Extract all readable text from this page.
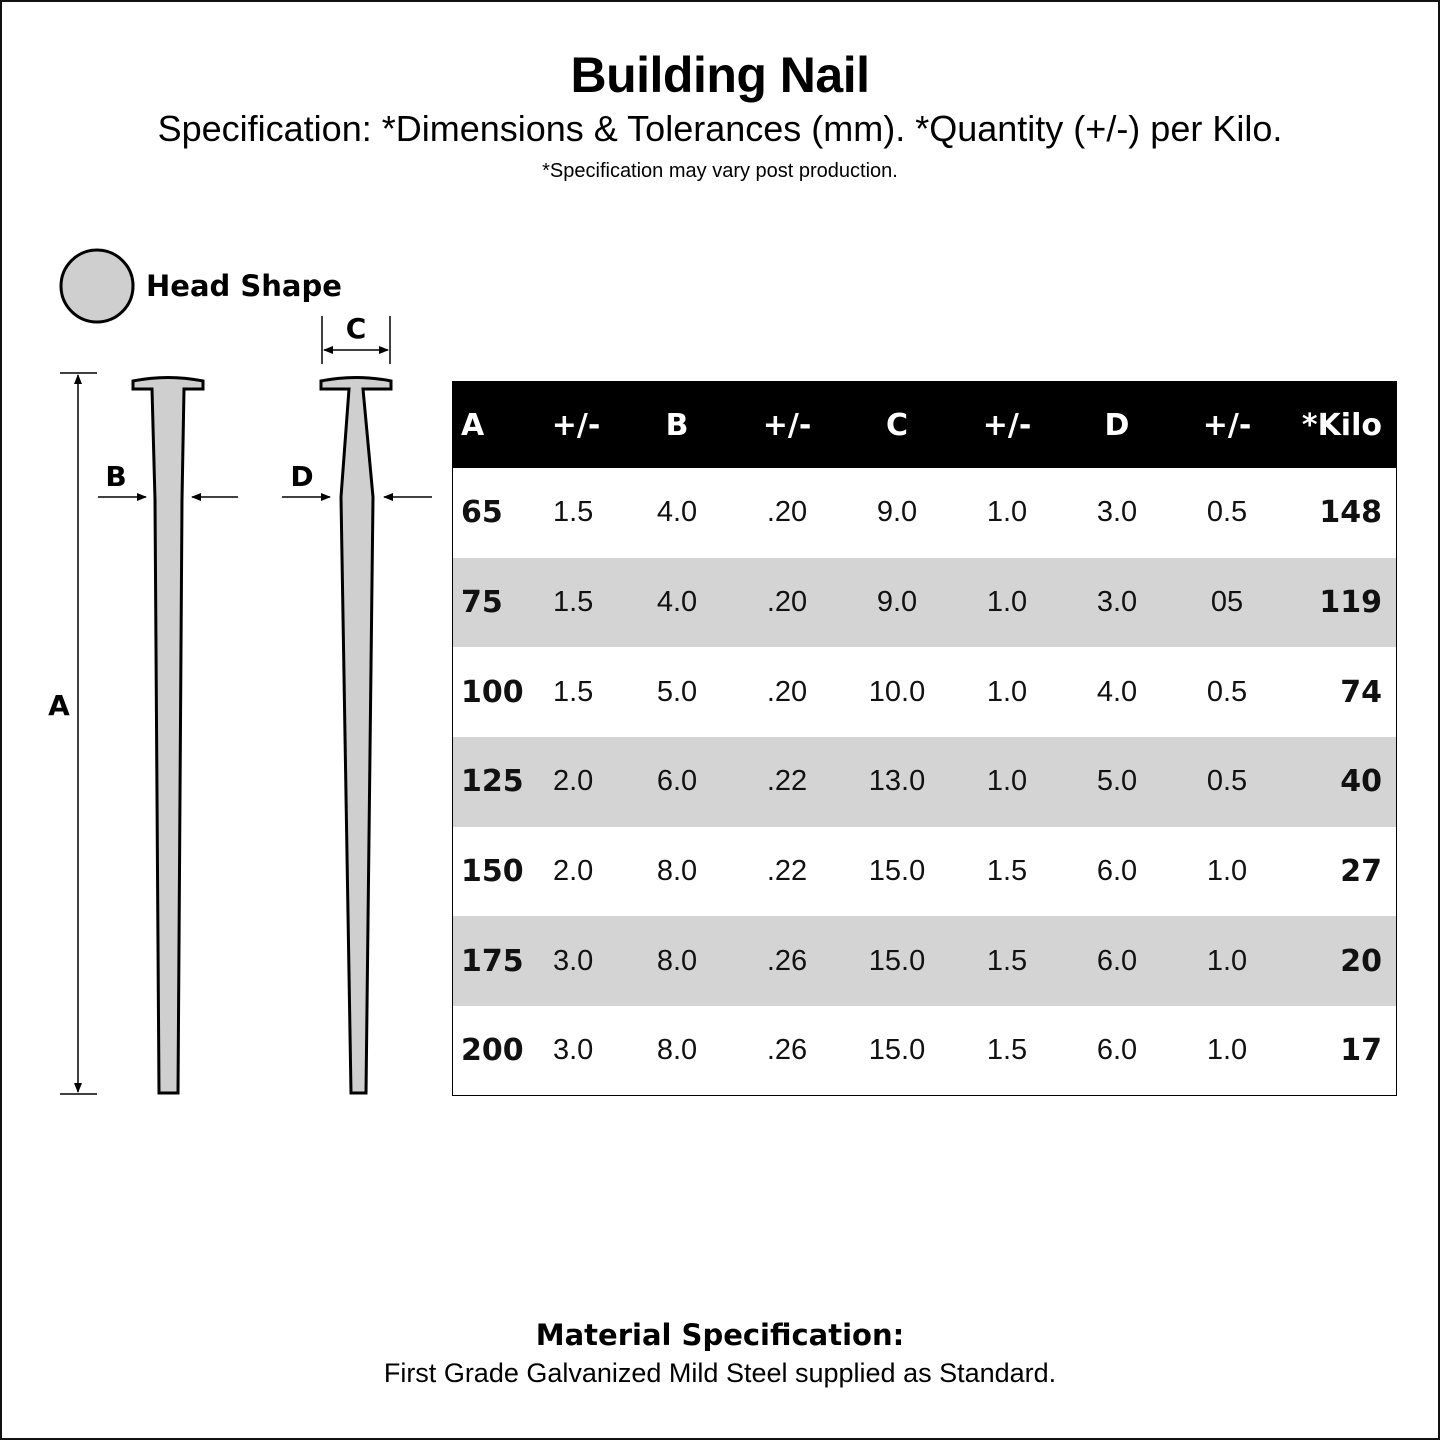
Building Nail
Specification: *Dimensions & Tolerances (mm). *Quantity (+/-) per Kilo.
*Specification may vary post production.
Head Shape
A
B
C
D
A	+/-	B	+/-	C	+/-	D	+/-	*Kilo
65	1.5	4.0	.20	9.0	1.0	3.0	0.5	148
75	1.5	4.0	.20	9.0	1.0	3.0	05	119
100	1.5	5.0	.20	10.0	1.0	4.0	0.5	74
125	2.0	6.0	.22	13.0	1.0	5.0	0.5	40
150	2.0	8.0	.22	15.0	1.5	6.0	1.0	27
175	3.0	8.0	.26	15.0	1.5	6.0	1.0	20
200	3.0	8.0	.26	15.0	1.5	6.0	1.0	17
Material Specification:
First Grade Galvanized Mild Steel supplied as Standard.
